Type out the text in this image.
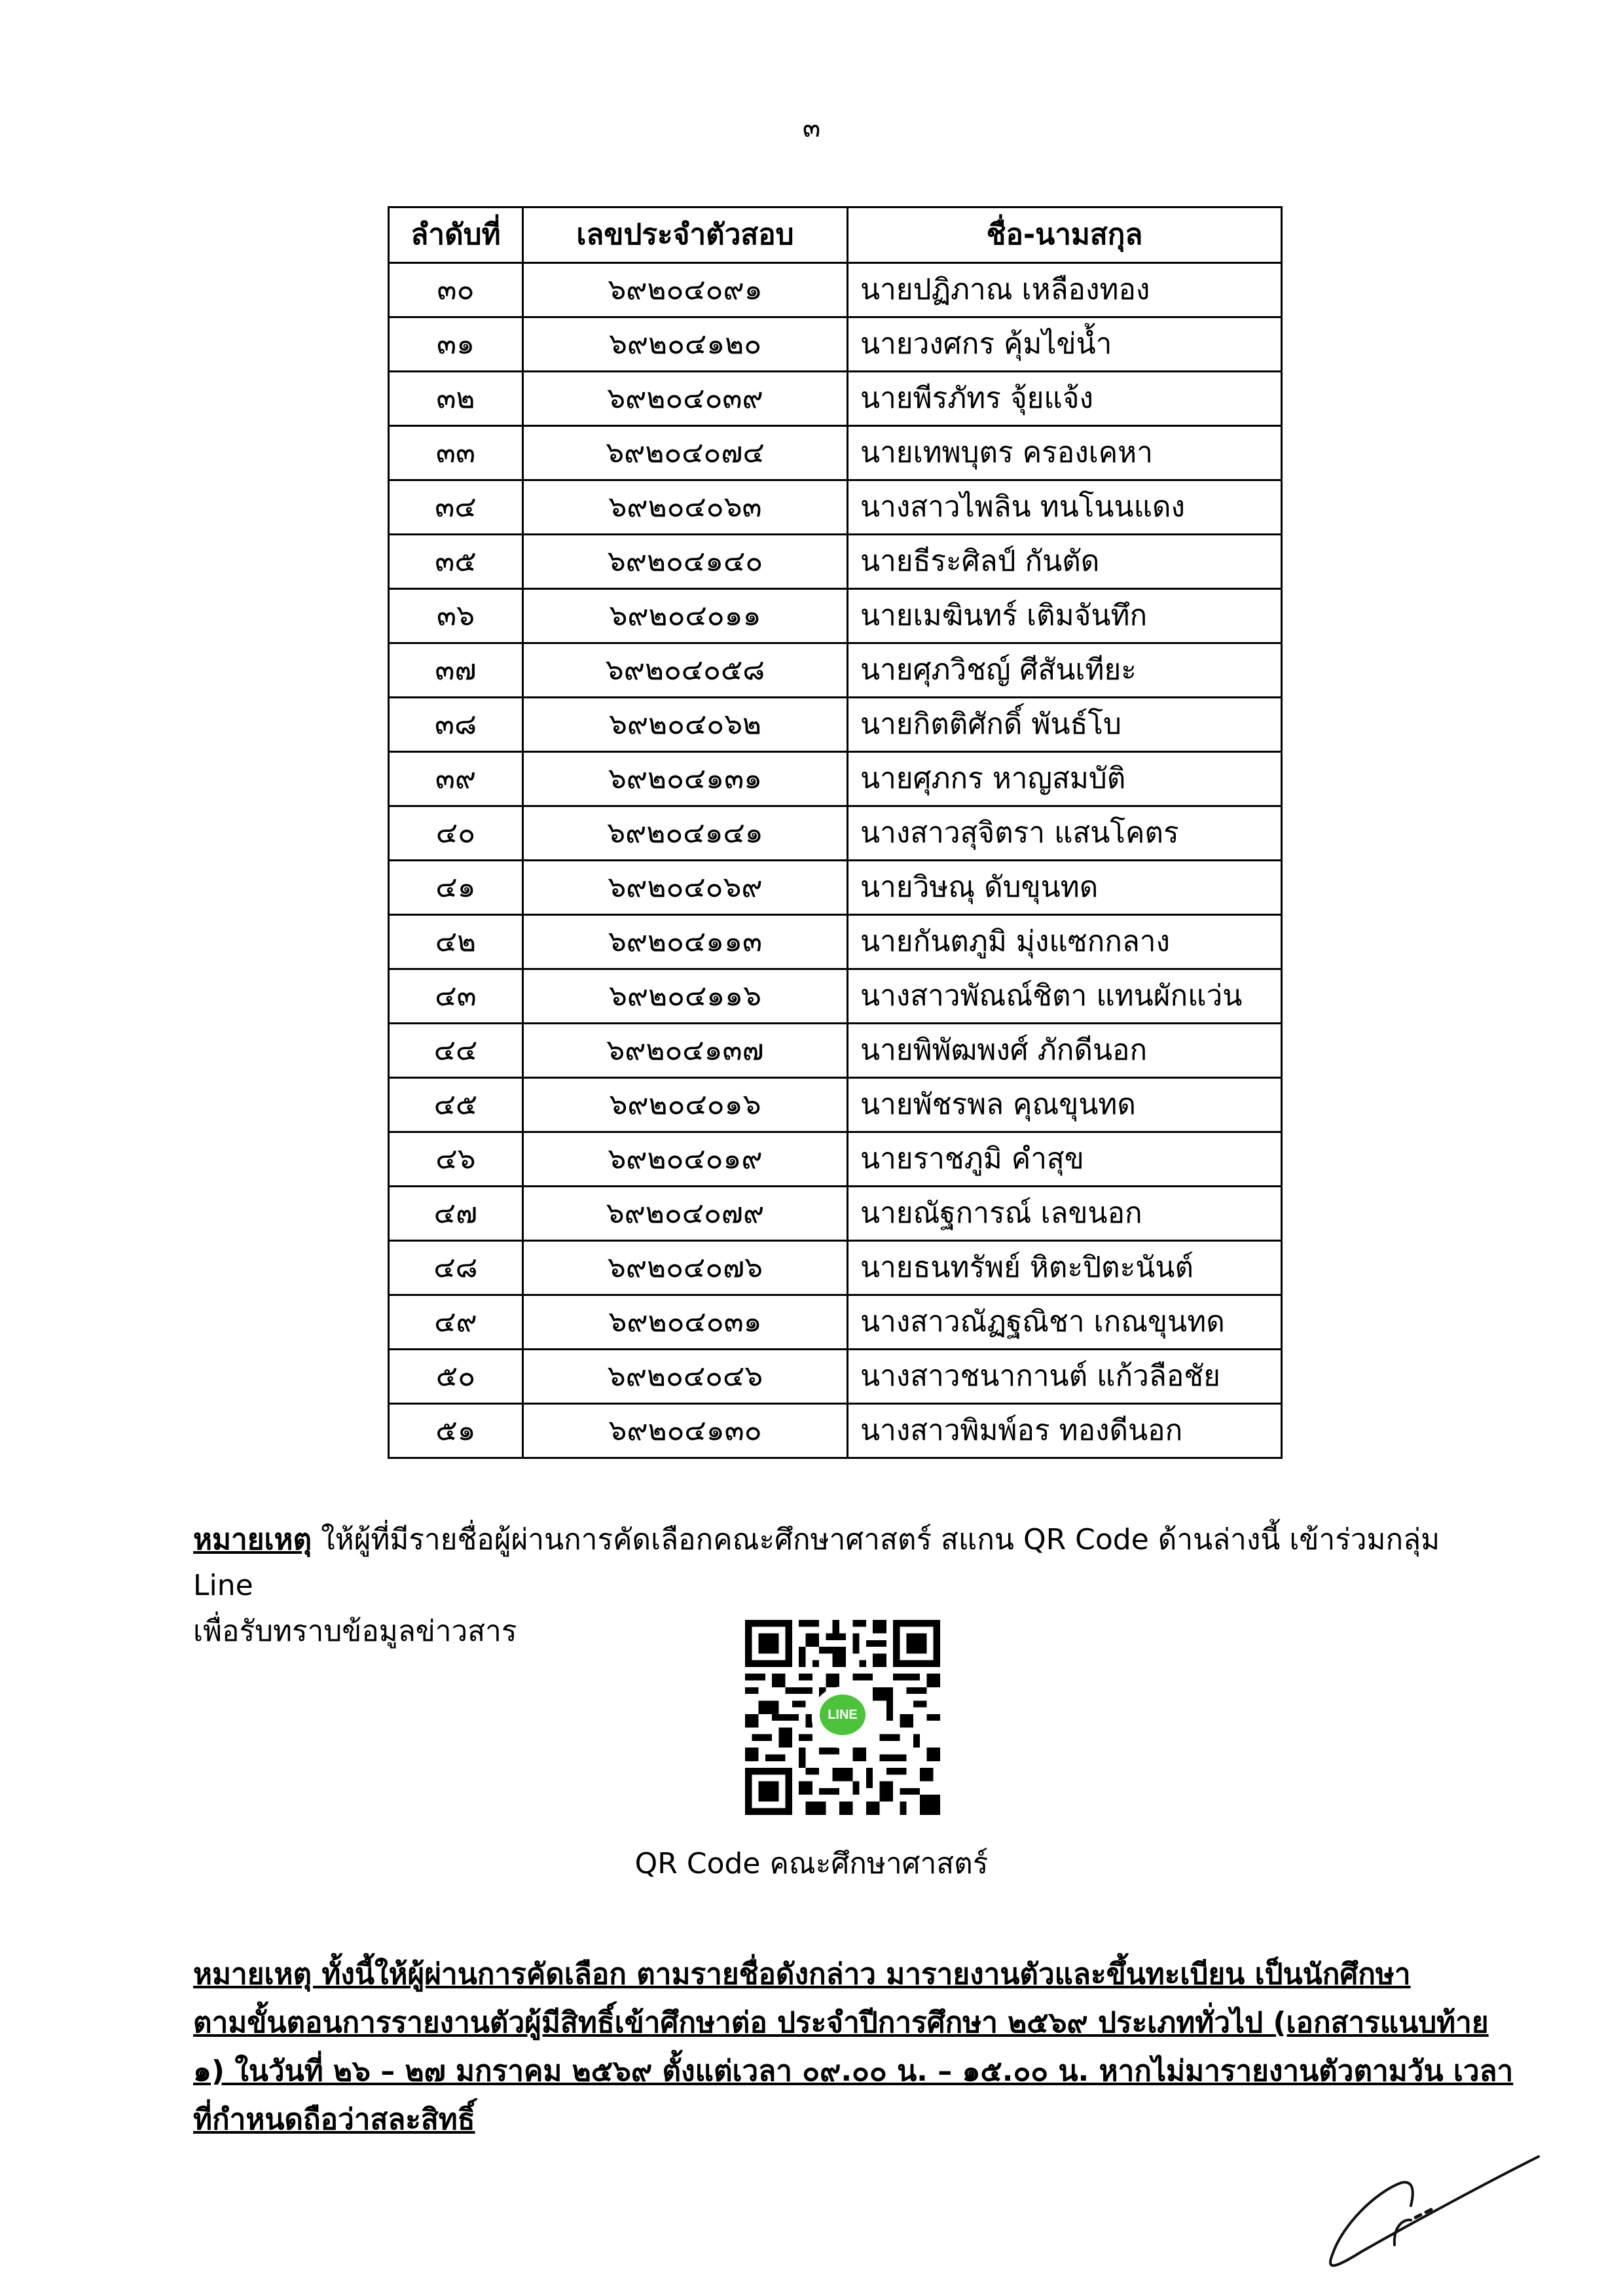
๓
ลำดับที่	เลขประจำตัวสอบ	ชื่อ-นามสกุล
๓๐	๖๙๒๐๔๐๙๑	นายปฏิภาณ เหลืองทอง
๓๑	๖๙๒๐๔๑๒๐	นายวงศกร คุ้มไข่น้ำ
๓๒	๖๙๒๐๔๐๓๙	นายพีรภัทร จุ้ยแจ้ง
๓๓	๖๙๒๐๔๐๗๔	นายเทพบุตร ครองเคหา
๓๔	๖๙๒๐๔๐๖๓	นางสาวไพลิน ทนโนนแดง
๓๕	๖๙๒๐๔๑๔๐	นายธีระศิลป์ กันตัด
๓๖	๖๙๒๐๔๐๑๑	นายเมฆินทร์ เติมจันทึก
๓๗	๖๙๒๐๔๐๕๘	นายศุภวิชญ์ ศีสันเทียะ
๓๘	๖๙๒๐๔๐๖๒	นายกิตติศักดิ์ พันธ์โบ
๓๙	๖๙๒๐๔๑๓๑	นายศุภกร หาญสมบัติ
๔๐	๖๙๒๐๔๑๔๑	นางสาวสุจิตรา แสนโคตร
๔๑	๖๙๒๐๔๐๖๙	นายวิษณุ ดับขุนทด
๔๒	๖๙๒๐๔๑๑๓	นายกันตภูมิ มุ่งแซกกลาง
๔๓	๖๙๒๐๔๑๑๖	นางสาวพัณณ์ชิตา แทนผักแว่น
๔๔	๖๙๒๐๔๑๓๗	นายพิพัฒพงศ์ ภักดีนอก
๔๕	๖๙๒๐๔๐๑๖	นายพัชรพล คุณขุนทด
๔๖	๖๙๒๐๔๐๑๙	นายราชภูมิ คำสุข
๔๗	๖๙๒๐๔๐๗๙	นายณัฐการณ์ เลขนอก
๔๘	๖๙๒๐๔๐๗๖	นายธนทรัพย์ หิตะปิตะนันต์
๔๙	๖๙๒๐๔๐๓๑	นางสาวณัฏฐณิชา เกณขุนทด
๕๐	๖๙๒๐๔๐๔๖	นางสาวชนากานต์ แก้วลือชัย
๕๑	๖๙๒๐๔๑๓๐	นางสาวพิมพ์อร ทองดีนอก
หมายเหตุ ให้ผู้ที่มีรายชื่อผู้ผ่านการคัดเลือกคณะศึกษาศาสตร์ สแกน QR Code ด้านล่างนี้ เข้าร่วมกลุ่ม Line
เพื่อรับทราบข้อมูลข่าวสาร
LINE
QR Code คณะศึกษาศาสตร์
หมายเหตุ ทั้งนี้ให้ผู้ผ่านการคัดเลือก ตามรายชื่อดังกล่าว มารายงานตัวและขึ้นทะเบียน เป็นนักศึกษา
ตามขั้นตอนการรายงานตัวผู้มีสิทธิ์เข้าศึกษาต่อ ประจำปีการศึกษา ๒๕๖๙ ประเภททั่วไป (เอกสารแนบท้าย
๑) ในวันที่ ๒๖ – ๒๗ มกราคม ๒๕๖๙ ตั้งแต่เวลา ๐๙.๐๐ น. – ๑๕.๐๐ น. หากไม่มารายงานตัวตามวัน เวลา
ที่กำหนดถือว่าสละสิทธิ์
